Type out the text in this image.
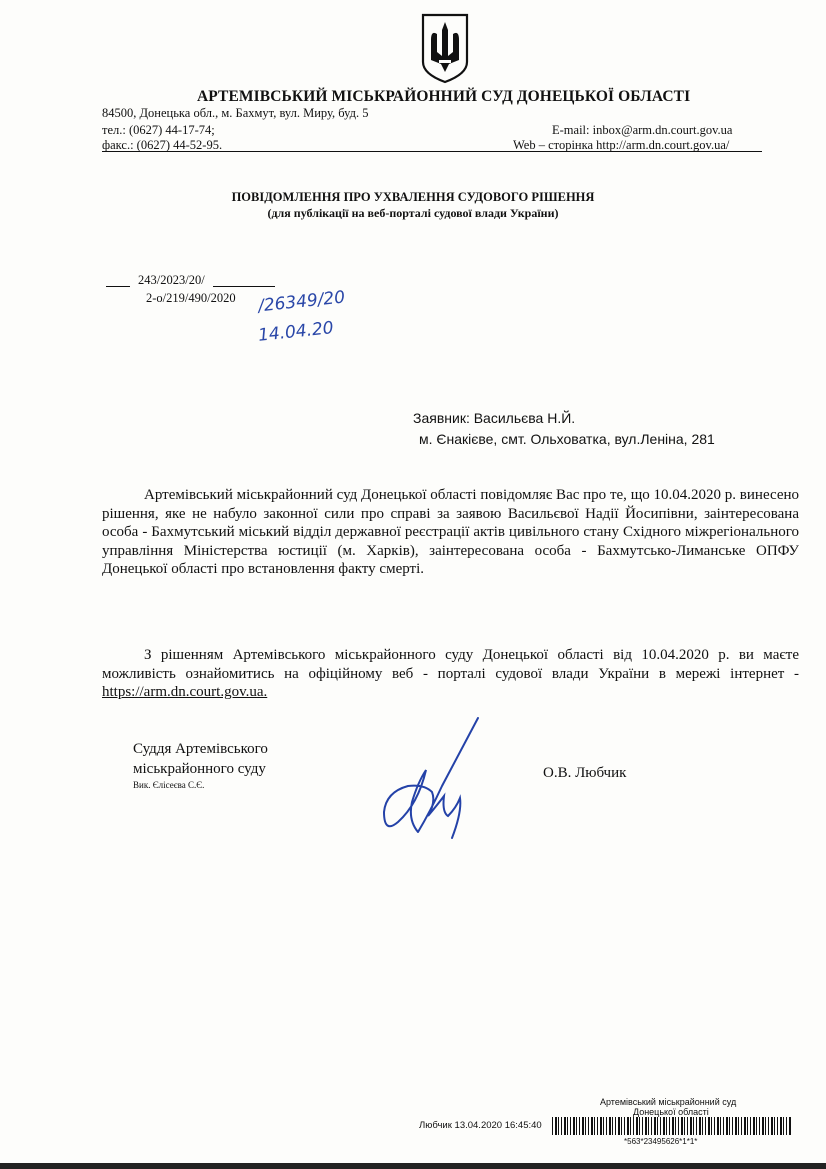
АРТЕМІВСЬКИЙ МІСЬКРАЙОННИЙ СУД ДОНЕЦЬКОЇ ОБЛАСТІ
84500, Донецька обл., м. Бахмут, вул. Миру, буд. 5
тел.: (0627) 44-17-74;
факс.: (0627) 44-52-95.
E-mail: inbox@arm.dn.court.gov.ua
Web – сторінка http://arm.dn.court.gov.ua/
ПОВІДОМЛЕННЯ ПРО УХВАЛЕННЯ СУДОВОГО РІШЕННЯ
(для публікації на веб-порталі судової влади України)
243/2023/20/
2-о/219/490/2020 /26349/20
14.04.20
Заявник: Васильєва Н.Й.
м. Єнакієве, смт. Ольховатка, вул.Леніна, 281

Артемівський міськрайонний суд Донецької області повідомляє Вас про те, що 10.04.2020 р. винесено рішення, яке не набуло законної сили про справі за заявою Васильєвої Надії Йосипівни, заінтересована особа - Бахмутський міський відділ державної реєстрації актів цивільного стану Східного міжрегіонального управління Міністерства юстиції (м. Харків), заінтересована особа - Бахмутсько-Лиманське ОПФУ Донецької області про встановлення факту смерті.

З рішенням Артемівського міськрайонного суду Донецької області від 10.04.2020 р. ви маєте можливість ознайомитись на офіційному веб - порталі судової влади України в мережі інтернет - https://arm.dn.court.gov.ua.

Суддя Артемівського
міськрайонного суду
Вик. Єлісеєва С.Є.
О.В. Любчик
Артемівський міськрайонний суд
Донецької області
Любчик 13.04.2020 16:45:40
*563*23495626*1*1*
